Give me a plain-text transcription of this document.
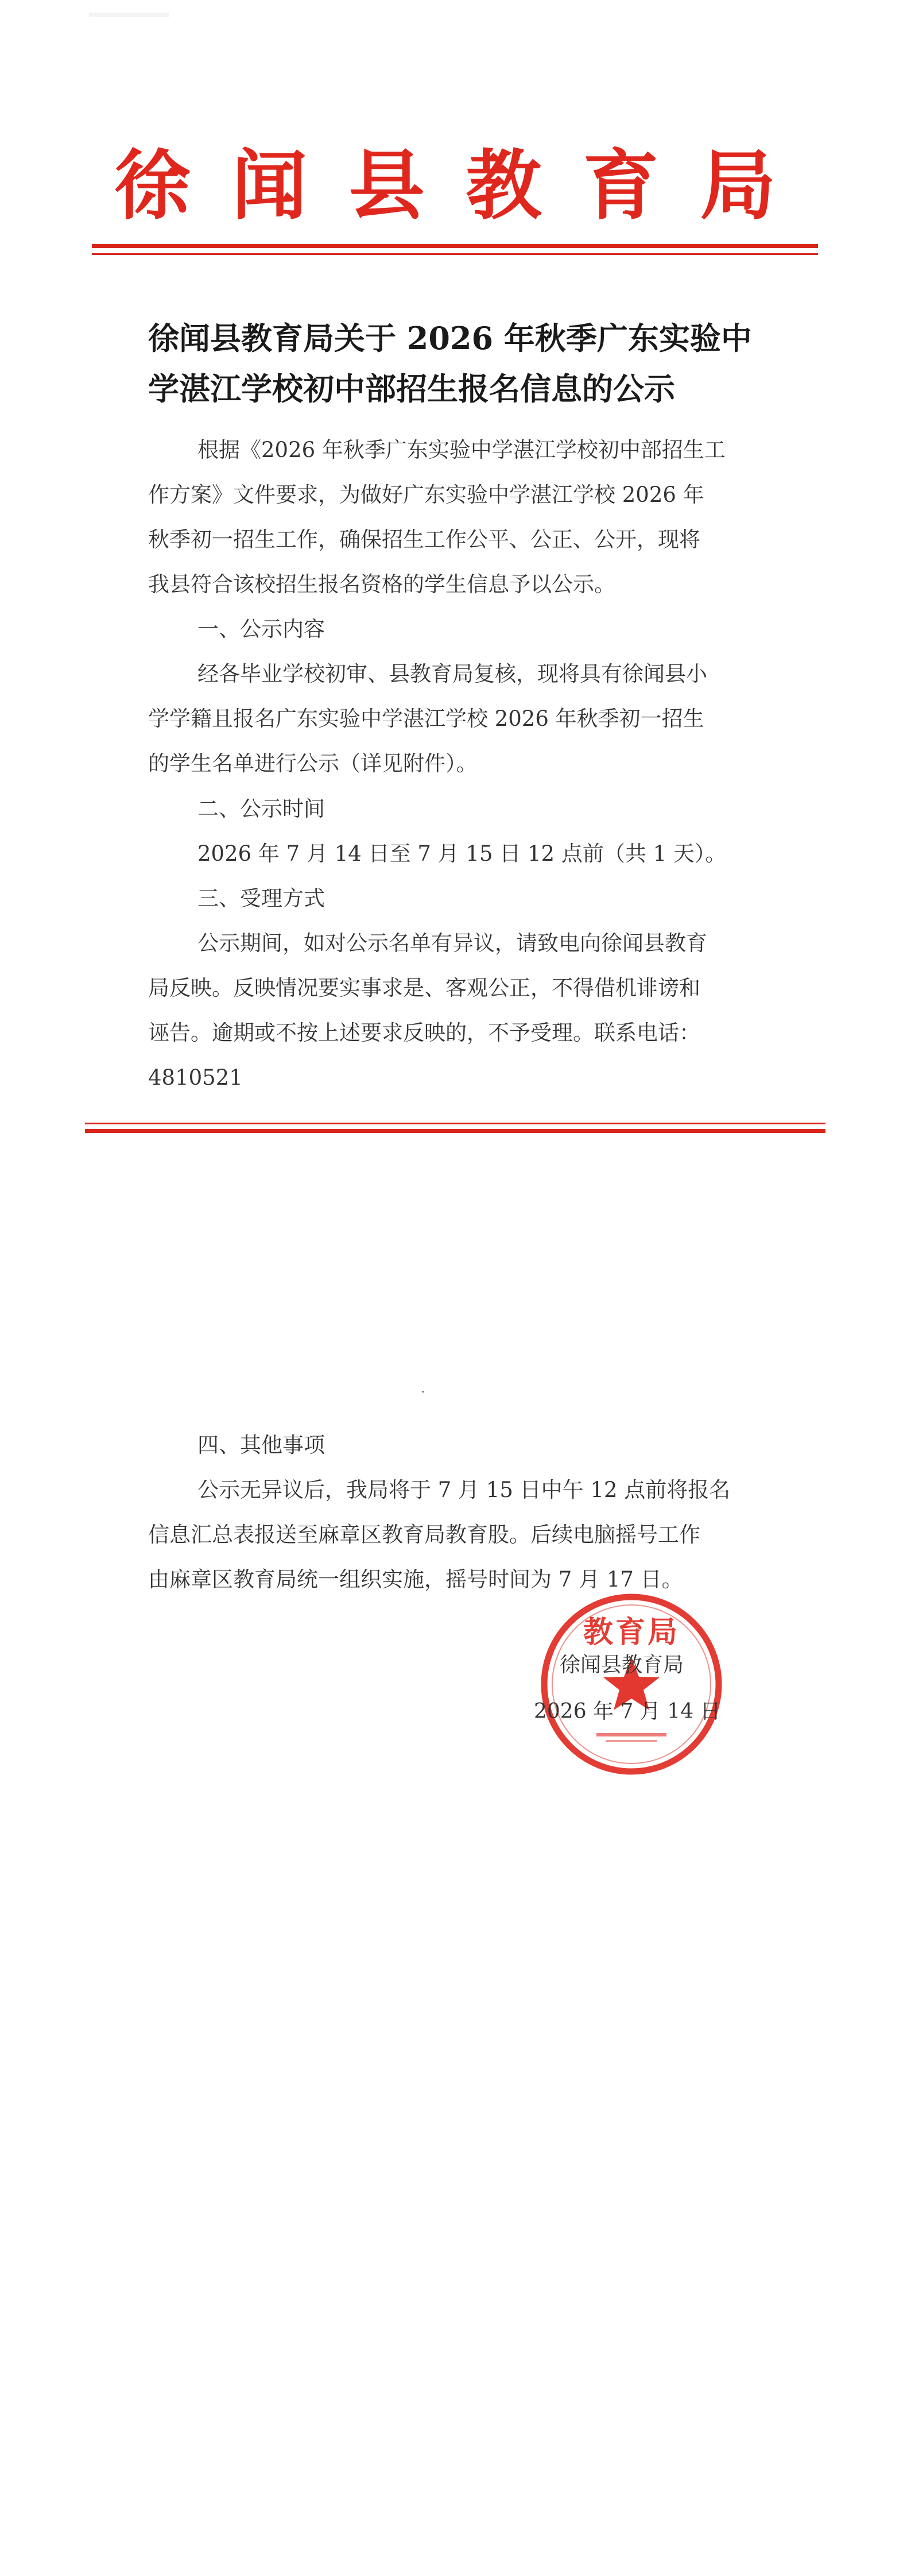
徐闻县教育局
徐闻县教育局关于 2026 年秋季广东实验中
学湛江学校初中部招生报名信息的公示
根据《2026 年秋季广东实验中学湛江学校初中部招生工
作方案》文件要求，为做好广东实验中学湛江学校 2026 年
秋季初一招生工作，确保招生工作公平、公正、公开，现将
我县符合该校招生报名资格的学生信息予以公示。
一、公示内容
经各毕业学校初审、县教育局复核，现将具有徐闻县小
学学籍且报名广东实验中学湛江学校 2026 年秋季初一招生
的学生名单进行公示（详见附件）。
二、公示时间
2026 年 7 月 14 日至 7 月 15 日 12 点前（共 1 天）。
三、受理方式
公示期间，如对公示名单有异议，请致电向徐闻县教育
局反映。反映情况要实事求是、客观公正，不得借机诽谤和
诬告。逾期或不按上述要求反映的，不予受理。联系电话：
4810521
四、其他事项
公示无异议后，我局将于 7 月 15 日中午 12 点前将报名
信息汇总表报送至麻章区教育局教育股。后续电脑摇号工作
由麻章区教育局统一组织实施，摇号时间为 7 月 17 日。
教育局
徐闻县教育局
2026 年 7 月 14 日
